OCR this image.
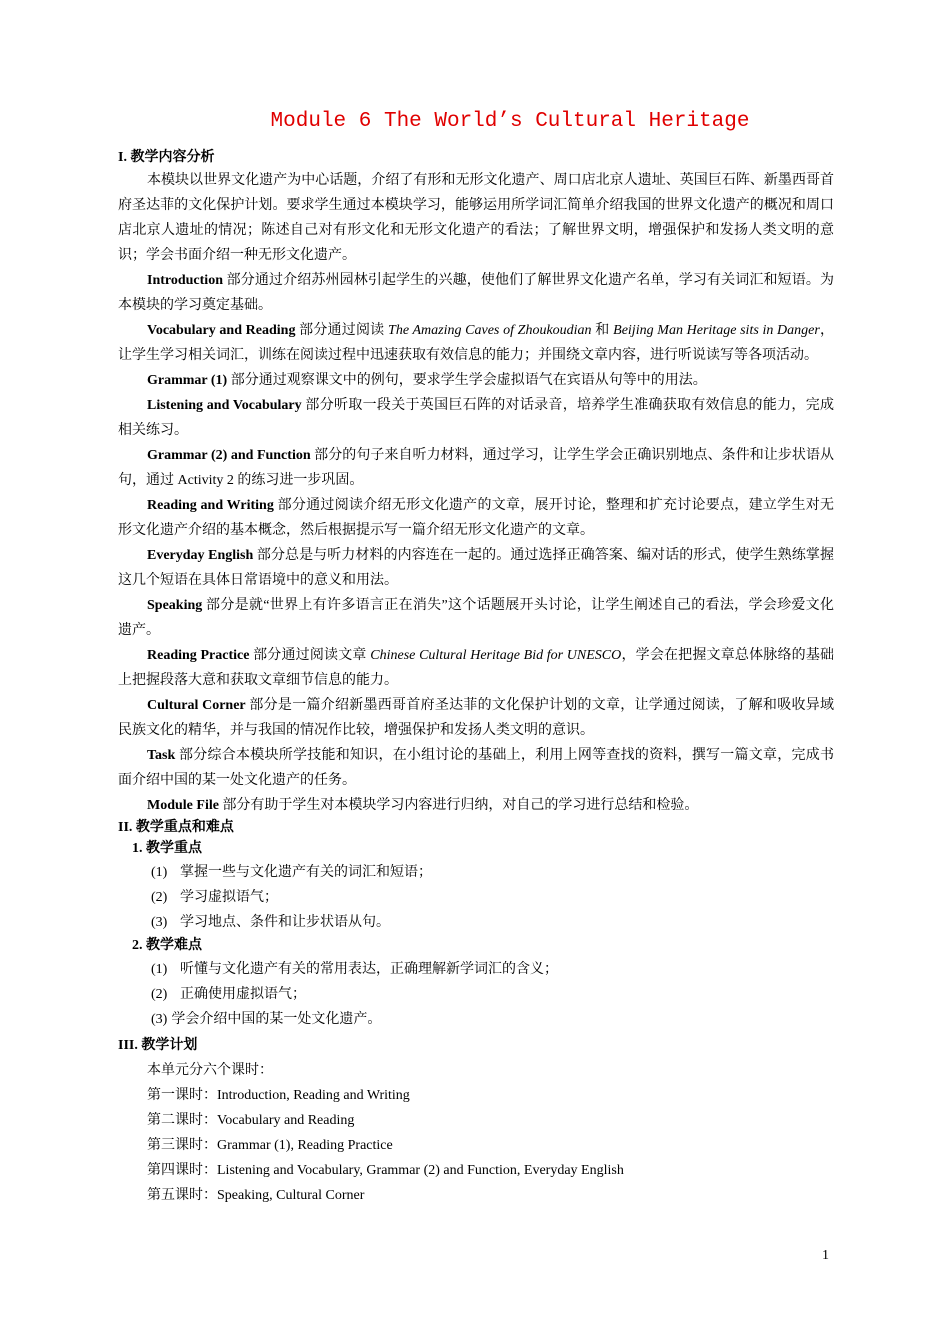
Module 6 The World’s Cultural Heritage
I. 教学内容分析

本模块以世界文化遗产为中心话题，介绍了有形和无形文化遗产、周口店北京人遗址、英国巨石阵、新墨西哥首府圣达菲的文化保护计划。要求学生通过本模块学习，能够运用所学词汇简单介绍我国的世界文化遗产的概况和周口店北京人遗址的情况；陈述自己对有形文化和无形文化遗产的看法；了解世界文明，增强保护和发扬人类文明的意识；学会书面介绍一种无形文化遗产。

Introduction 部分通过介绍苏州园林引起学生的兴趣，使他们了解世界文化遗产名单，学习有关词汇和短语。为本模块的学习奠定基础。

Vocabulary and Reading 部分通过阅读 The Amazing Caves of Zhoukoudian 和 Beijing Man Heritage sits in Danger，让学生学习相关词汇，训练在阅读过程中迅速获取有效信息的能力；并围绕文章内容，进行听说读写等各项活动。

Grammar (1) 部分通过观察课文中的例句，要求学生学会虚拟语气在宾语从句等中的用法。

Listening and Vocabulary 部分听取一段关于英国巨石阵的对话录音，培养学生准确获取有效信息的能力，完成相关练习。

Grammar (2) and Function 部分的句子来自听力材料，通过学习，让学生学会正确识别地点、条件和让步状语从句，通过 Activity 2 的练习进一步巩固。

Reading and Writing 部分通过阅读介绍无形文化遗产的文章，展开讨论，整理和扩充讨论要点，建立学生对无形文化遗产介绍的基本概念，然后根据提示写一篇介绍无形文化遗产的文章。

Everyday English 部分总是与听力材料的内容连在一起的。通过选择正确答案、编对话的形式，使学生熟练掌握这几个短语在具体日常语境中的意义和用法。

Speaking 部分是就“世界上有许多语言正在消失”这个话题展开头讨论，让学生阐述自己的看法，学会珍爱文化遗产。

Reading Practice 部分通过阅读文章 Chinese Cultural Heritage Bid for UNESCO，学会在把握文章总体脉络的基础上把握段落大意和获取文章细节信息的能力。

Cultural Corner 部分是一篇介绍新墨西哥首府圣达菲的文化保护计划的文章，让学通过阅读，了解和吸收异域民族文化的精华，并与我国的情况作比较，增强保护和发扬人类文明的意识。

Task 部分综合本模块所学技能和知识，在小组讨论的基础上，利用上网等查找的资料，撰写一篇文章，完成书面介绍中国的某一处文化遗产的任务。

Module File 部分有助于学生对本模块学习内容进行归纳，对自己的学习进行总结和检验。

II. 教学重点和难点
1. 教学重点
(1) 掌握一些与文化遗产有关的词汇和短语；
(2) 学习虚拟语气；
(3) 学习地点、条件和让步状语从句。
2. 教学难点
(1) 听懂与文化遗产有关的常用表达，正确理解新学词汇的含义；
(2) 正确使用虚拟语气；
(3) 学会介绍中国的某一处文化遗产。
III. 教学计划
本单元分六个课时：
第一课时：Introduction, Reading and Writing
第二课时：Vocabulary and Reading
第三课时：Grammar (1), Reading Practice
第四课时：Listening and Vocabulary, Grammar (2) and Function, Everyday English
第五课时：Speaking, Cultural Corner
1
